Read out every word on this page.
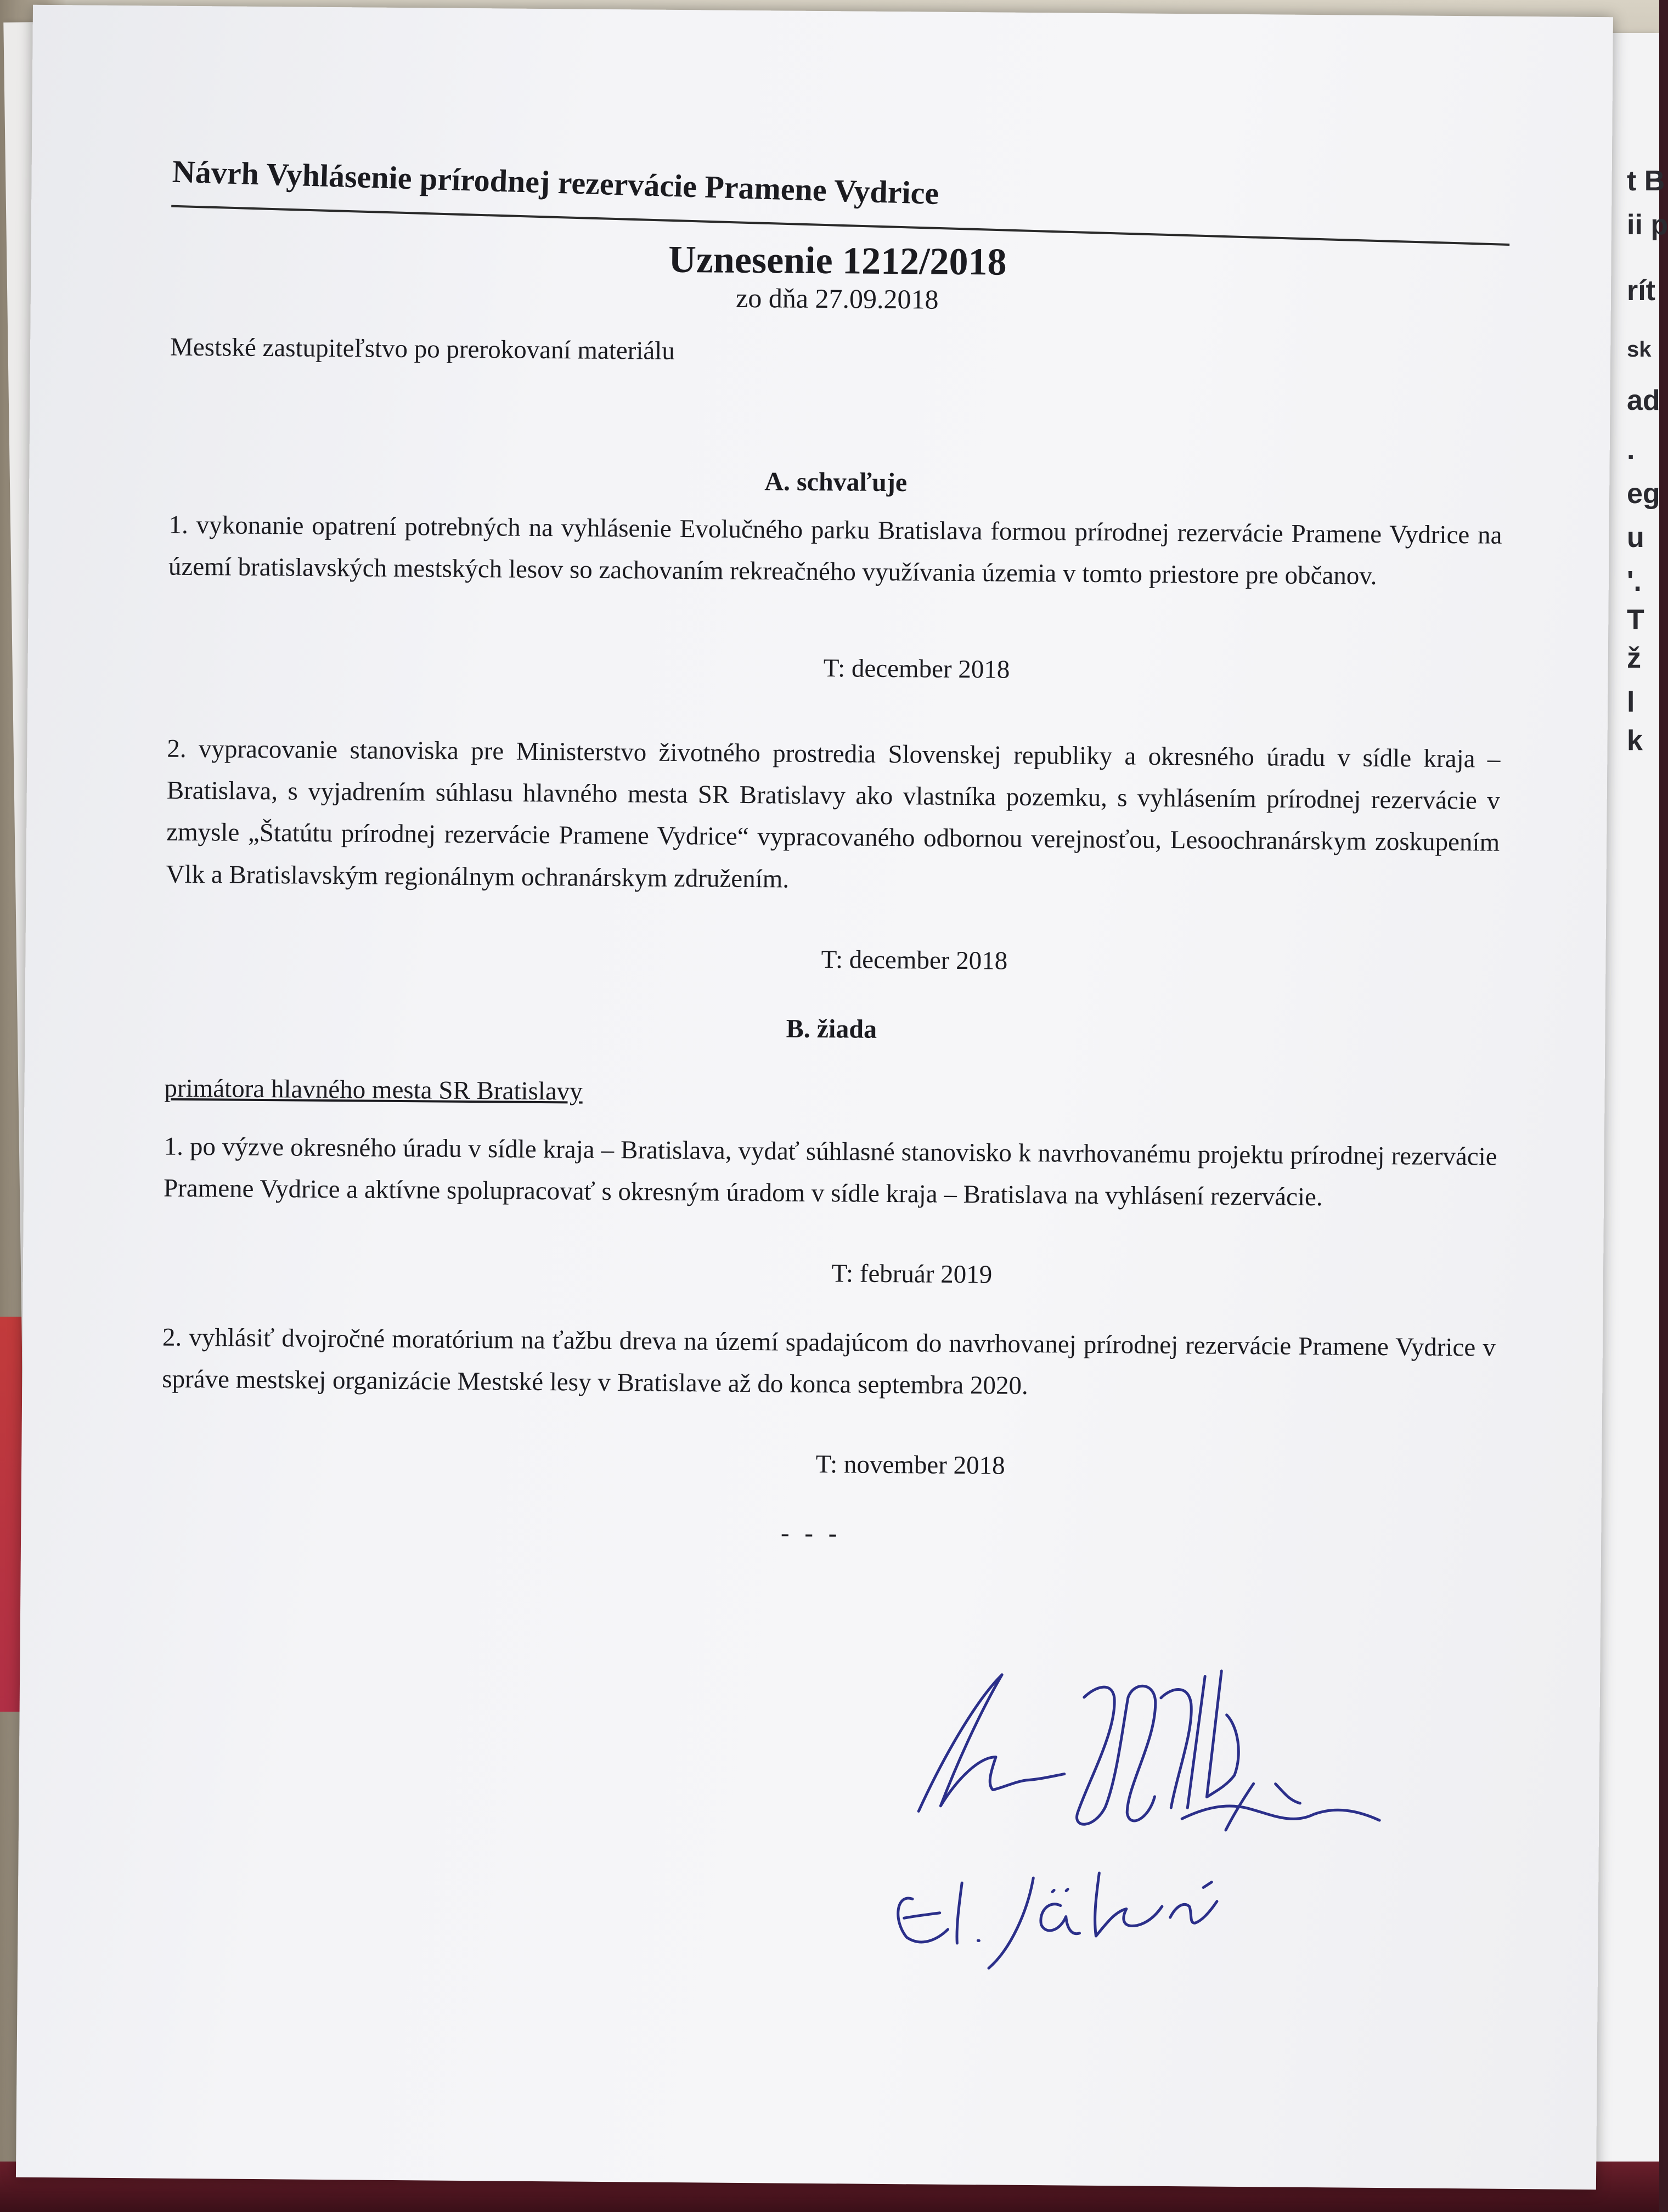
t B
ii p
rít
sk
ad
.
eg
u
'.
T
ž
l
k
Návrh Vyhlásenie prírodnej rezervácie Pramene Vydrice

Uznesenie 1212/2018

zo dňa 27.09.2018

Mestské zastupiteľstvo po prerokovaní materiálu

A. schvaľuje

1. vykonanie opatrení potrebných na vyhlásenie Evolučného parku Bratislava formou prírodnej rezervácie Pramene Vydrice na území bratislavských mestských lesov so zachovaním rekreačného využívania územia v tomto priestore pre občanov.

T: december 2018

2. vypracovanie stanoviska pre Ministerstvo životného prostredia Slovenskej republiky a okresného úradu v sídle kraja – Bratislava, s vyjadrením súhlasu hlavného mesta SR Bratislavy ako vlastníka pozemku, s vyhlásením prírodnej rezervácie v zmysle „Štatútu prírodnej rezervácie Pramene Vydrice“ vypracovaného odbornou verejnosťou, Lesoochranárskym zoskupením Vlk a Bratislavským regionálnym ochranárskym združením.

T: december 2018

B. žiada

primátora hlavného mesta SR Bratislavy

1. po výzve okresného úradu v sídle kraja – Bratislava, vydať súhlasné stanovisko k navrhovanému projektu prírodnej rezervácie Pramene Vydrice a aktívne spolupracovať s okresným úradom v sídle kraja – Bratislava na vyhlásení rezervácie.

T: február 2019

2. vyhlásiť dvojročné moratórium na ťažbu dreva na území spadajúcom do navrhovanej prírodnej rezervácie Pramene Vydrice v správe mestskej organizácie Mestské lesy v Bratislave až do konca septembra 2020.

T: november 2018

- - -
